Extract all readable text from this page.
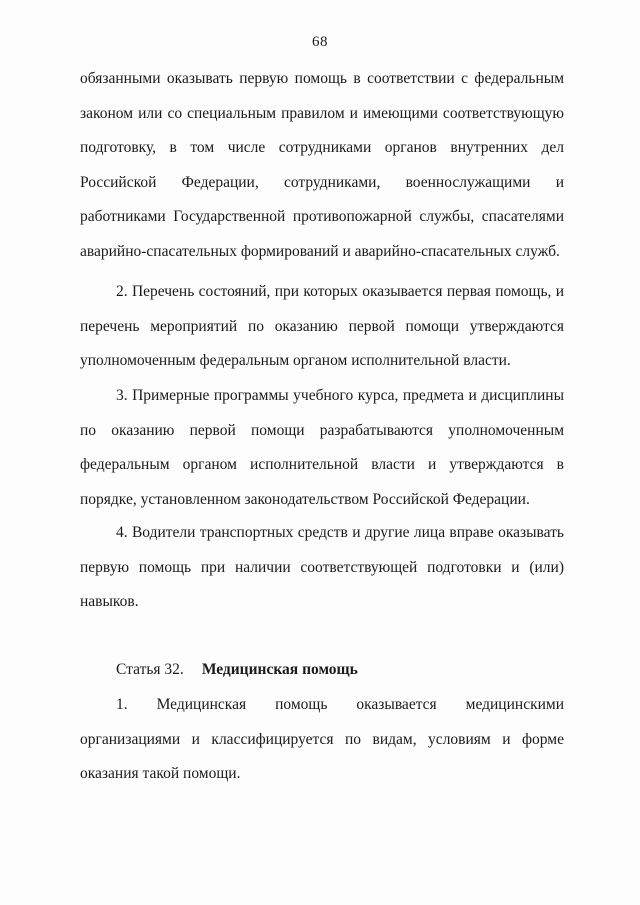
68

обязанными оказывать первую помощь в соответствии с федеральным законом или со специальным правилом и имеющими соответствующую подготовку, в том числе сотрудниками органов внутренних дел Российской Федерации, сотрудниками, военнослужащими и работниками Государственной противопожарной службы, спасателями аварийно-спасательных формирований и аварийно-спасательных служб.

2. Перечень состояний, при которых оказывается первая помощь, и перечень мероприятий по оказанию первой помощи утверждаются уполномоченным федеральным органом исполнительной власти.

3. Примерные программы учебного курса, предмета и дисциплины по оказанию первой помощи разрабатываются уполномоченным федеральным органом исполнительной власти и утверждаются в порядке, установленном законодательством Российской Федерации.

4. Водители транспортных средств и другие лица вправе оказывать первую помощь при наличии соответствующей подготовки и (или) навыков.

Статья 32. Медицинская помощь

1. Медицинская помощь оказывается медицинскими организациями и классифицируется по видам, условиям и форме оказания такой помощи.
